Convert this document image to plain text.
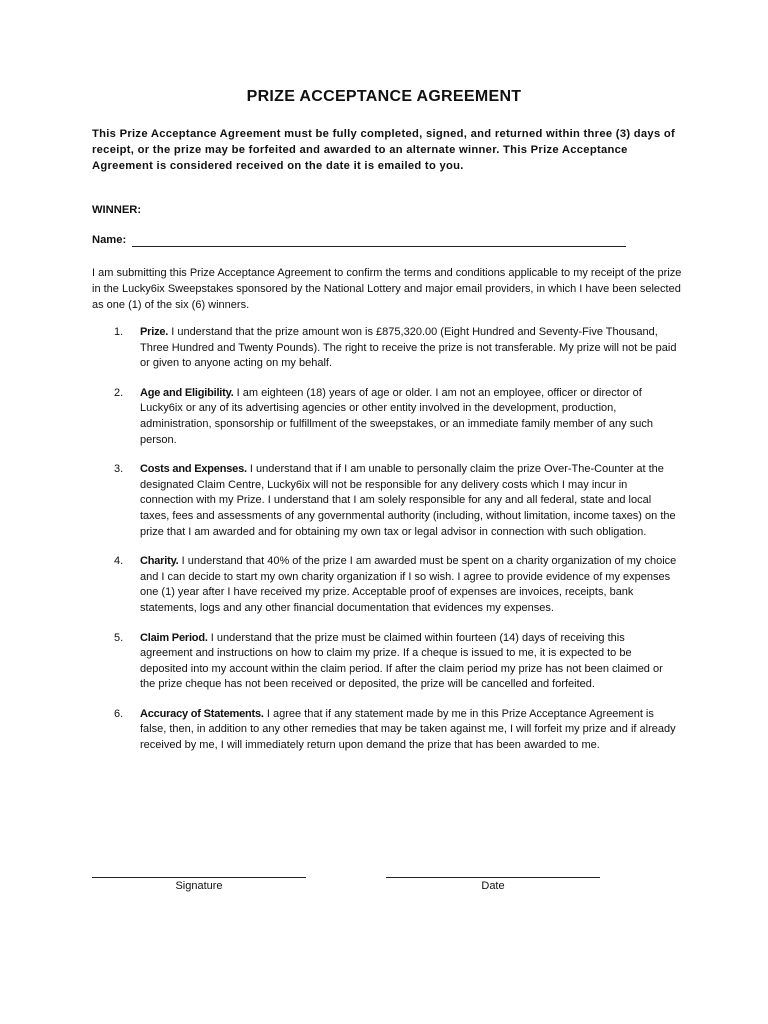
PRIZE ACCEPTANCE AGREEMENT
This Prize Acceptance Agreement must be fully completed, signed, and returned within three (3) days of receipt, or the prize may be forfeited and awarded to an alternate winner. This Prize Acceptance Agreement is considered received on the date it is emailed to you.
WINNER:
Name:
I am submitting this Prize Acceptance Agreement to confirm the terms and conditions applicable to my receipt of the prize in the Lucky6ix Sweepstakes sponsored by the National Lottery and major email providers, in which I have been selected as one (1) of the six (6) winners.
1. Prize. I understand that the prize amount won is £875,320.00 (Eight Hundred and Seventy-Five Thousand, Three Hundred and Twenty Pounds). The right to receive the prize is not transferable. My prize will not be paid or given to anyone acting on my behalf.
2. Age and Eligibility. I am eighteen (18) years of age or older. I am not an employee, officer or director of Lucky6ix or any of its advertising agencies or other entity involved in the development, production, administration, sponsorship or fulfillment of the sweepstakes, or an immediate family member of any such person.
3. Costs and Expenses. I understand that if I am unable to personally claim the prize Over-The-Counter at the designated Claim Centre, Lucky6ix will not be responsible for any delivery costs which I may incur in connection with my Prize. I understand that I am solely responsible for any and all federal, state and local taxes, fees and assessments of any governmental authority (including, without limitation, income taxes) on the prize that I am awarded and for obtaining my own tax or legal advisor in connection with such obligation.
4. Charity. I understand that 40% of the prize I am awarded must be spent on a charity organization of my choice and I can decide to start my own charity organization if I so wish. I agree to provide evidence of my expenses one (1) year after I have received my prize. Acceptable proof of expenses are invoices, receipts, bank statements, logs and any other financial documentation that evidences my expenses.
5. Claim Period. I understand that the prize must be claimed within fourteen (14) days of receiving this agreement and instructions on how to claim my prize. If a cheque is issued to me, it is expected to be deposited into my account within the claim period. If after the claim period my prize has not been claimed or the prize cheque has not been received or deposited, the prize will be cancelled and forfeited.
6. Accuracy of Statements. I agree that if any statement made by me in this Prize Acceptance Agreement is false, then, in addition to any other remedies that may be taken against me, I will forfeit my prize and if already received by me, I will immediately return upon demand the prize that has been awarded to me.
Signature	Date
